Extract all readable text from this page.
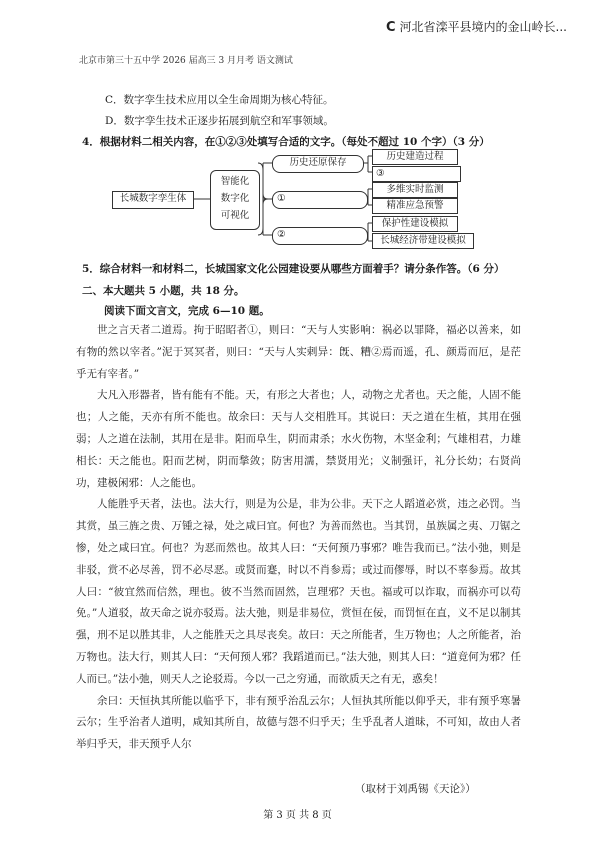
C 河北省滦平县境内的金山岭长...
北京市第三十五中学 2026 届高三 3 月月考 语文测试
C．数字孪生技术应用以全生命周期为核心特征。
D．数字孪生技术正逐步拓展到航空和军事领域。
4．根据材料二相关内容，在①②③处填写合适的文字。（每处不超过 10 个字）（3 分）
长城数字孪生体
智能化
数字化
可视化
历史还原保存
①
②
历史建造过程
③
多维实时监测
精准应急预警
保护性建设模拟
长城经济带建设模拟
5．综合材料一和材料二，长城国家文化公园建设要从哪些方面着手？请分条作答。（6 分）
二、本大题共 5 小题，共 18 分。
阅读下面文言文，完成 6—10 题。

世之言天者二道焉。拘于昭昭者①，则曰：“天与人实影响：祸必以罪降，福必以善来，如有物的然以宰者。”泥于冥冥者，则曰：“天与人实剌异：旣、糟②焉而遥，孔、颜焉而厄，是茫乎无有宰者。”

大凡入形器者，皆有能有不能。天，有形之大者也；人，动物之尤者也。天之能，人固不能也；人之能，天亦有所不能也。故余曰：天与人交相胜耳。其说曰：天之道在生植，其用在强弱；人之道在法制，其用在是非。阳而阜生，阴而肃杀；水火伤物，木坚金利；气雄相君，力雄相长：天之能也。阳而艺树，阴而揫敛；防害用濡，禁贤用光；义制强讦，礼分长幼；右贤尚功，建极闲邪：人之能也。

人能胜乎天者，法也。法大行，则是为公是，非为公非。天下之人蹈道必赏，违之必罚。当其赏，虽三旌之贵、万锺之禄，处之咸曰宜。何也？为善而然也。当其罚，虽族属之夷、刀锯之惨，处之咸曰宜。何也？为恶而然也。故其人曰：“天何预乃事邪？唯告我而已。”法小弛，则是非驳，赏不必尽善，罚不必尽恶。或贤而蹇，时以不肖参焉；或过而僇辱，时以不辜参焉。故其人曰：“彼宜然而信然，理也。彼不当然而固然，岂理邪？天也。福或可以诈取，而祸亦可以苟免。”人道驳，故天命之说亦驳焉。法大弛，则是非易位，赏恒在佞，而罚恒在直，义不足以制其强，刑不足以胜其非，人之能胜天之具尽丧矣。故曰：天之所能者，生万物也；人之所能者，治万物也。法大行，则其人曰：“天何预人邪？我蹈道而已。”法大弛，则其人曰：“道竟何为邪？任人而已。”法小弛，则天人之论驳焉。今以一己之穷通，而欲质天之有无，惑矣！

余曰：天恒执其所能以临乎下，非有预乎治乱云尔；人恒执其所能以仰乎天，非有预乎寒暑云尔；生乎治者人道明，咸知其所自，故德与怨不归乎天；生乎乱者人道昧，不可知，故由人者举归乎天，非天预乎人尔

（取材于刘禹锡《天论》）
第 3 页 共 8 页
